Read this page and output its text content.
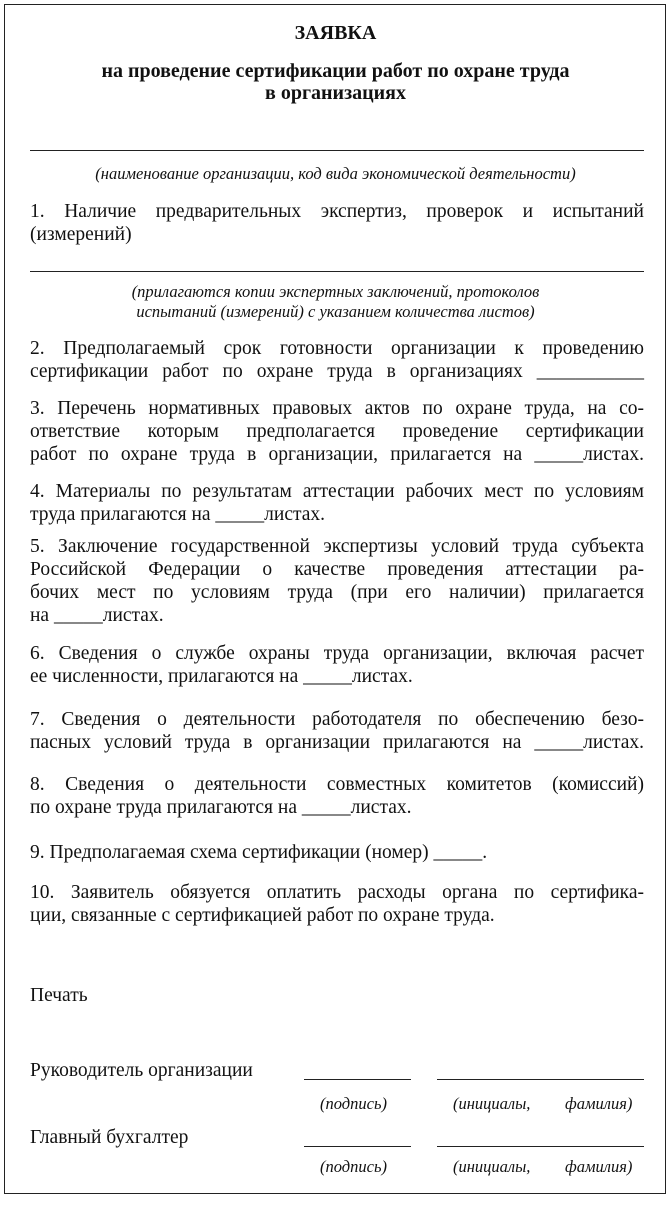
ЗАЯВКА
на проведение сертификации работ по охране труда
в организациях
(наименование организации, код вида экономической деятельности)
1. Наличие предварительных экспертиз, проверок и испытаний
(измерений)
(прилагаются копии экспертных заключений, протоколов
испытаний (измерений) с указанием количества листов)
2. Предполагаемый срок готовности организации к проведению
сертификации работ по охране труда в организациях ___________
3. Перечень нормативных правовых актов по охране труда, на со-
ответствие которым предполагается проведение сертификации
работ по охране труда в организации, прилагается на _____листах.
4. Материалы по результатам аттестации рабочих мест по условиям
труда прилагаются на _____листах.
5. Заключение государственной экспертизы условий труда субъекта
Российской Федерации о качестве проведения аттестации ра-
бочих мест по условиям труда (при его наличии) прилагается
на _____листах.
6. Сведения о службе охраны труда организации, включая расчет
ее численности, прилагаются на _____листах.
7. Сведения о деятельности работодателя по обеспечению безо-
пасных условий труда в организации прилагаются на _____листах.
8. Сведения о деятельности совместных комитетов (комиссий)
по охране труда прилагаются на _____листах.
9. Предполагаемая схема сертификации (номер) _____.
10. Заявитель обязуется оплатить расходы органа по сертифика-
ции, связанные с сертификацией работ по охране труда.
Печать
Руководитель организации
(подпись)	(инициалы, фамилия)
Главный бухгалтер
(подпись)	(инициалы, фамилия)
